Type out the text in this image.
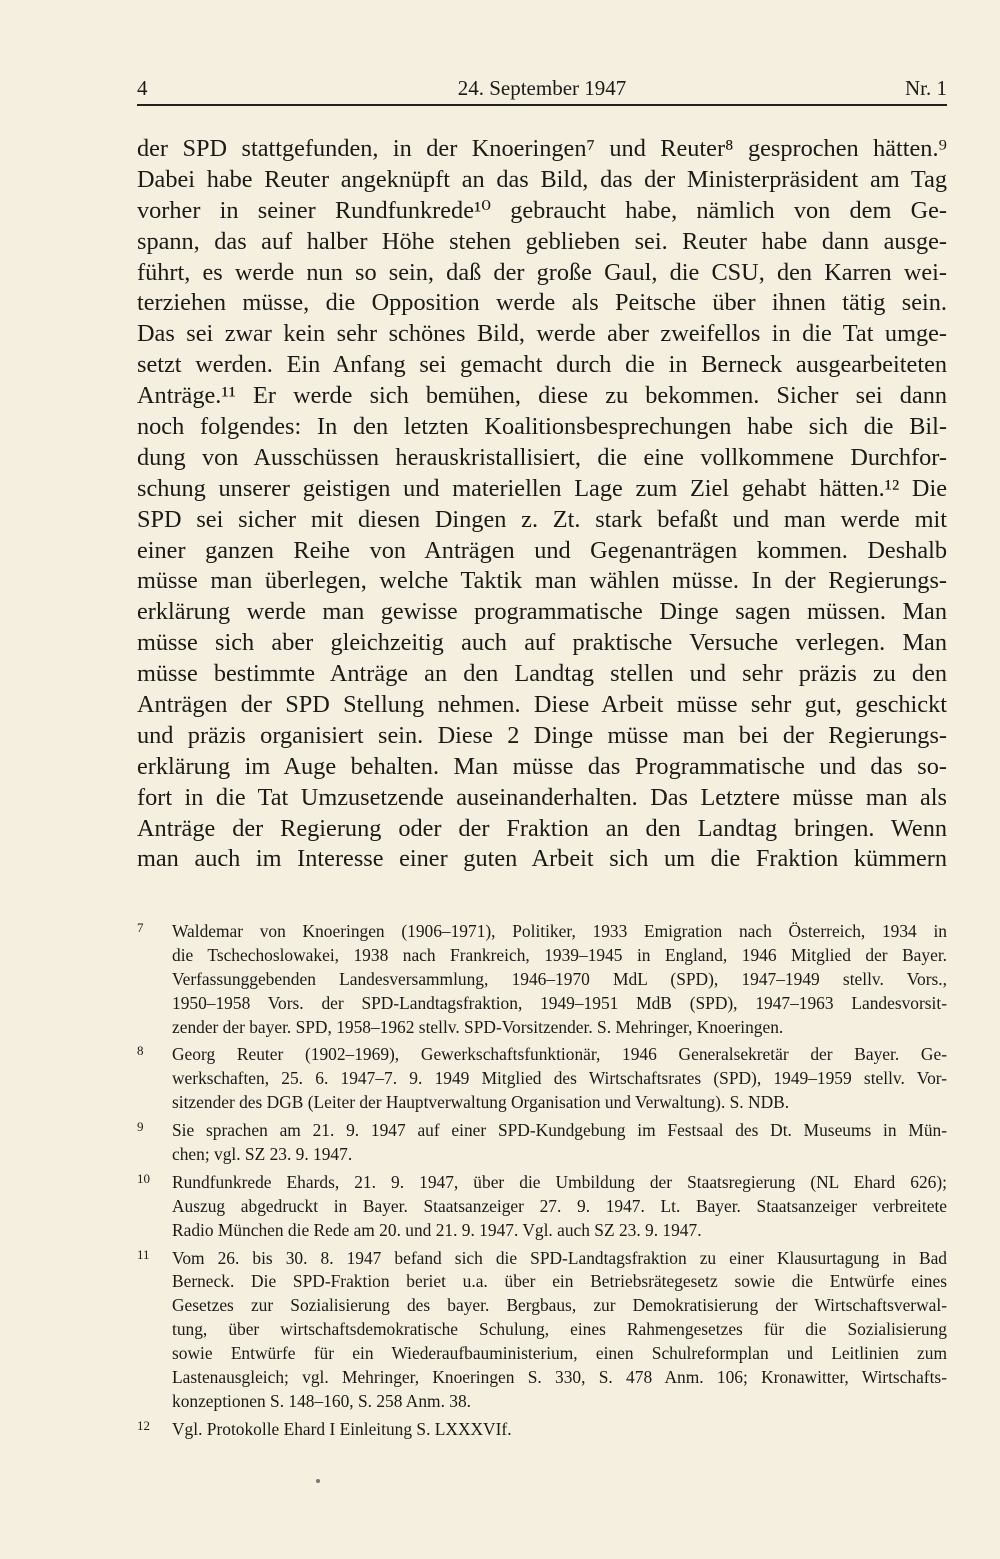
4	24. September 1947	Nr. 1
der SPD stattgefunden, in der Knoeringen⁷ und Reuter⁸ gesprochen hätten.⁹
Dabei habe Reuter angeknüpft an das Bild, das der Ministerpräsident am Tag
vorher in seiner Rundfunkrede¹⁰ gebraucht habe, nämlich von dem Ge-
spann, das auf halber Höhe stehen geblieben sei. Reuter habe dann ausge-
führt, es werde nun so sein, daß der große Gaul, die CSU, den Karren wei-
terziehen müsse, die Opposition werde als Peitsche über ihnen tätig sein.
Das sei zwar kein sehr schönes Bild, werde aber zweifellos in die Tat umge-
setzt werden. Ein Anfang sei gemacht durch die in Berneck ausgearbeiteten
Anträge.¹¹ Er werde sich bemühen, diese zu bekommen. Sicher sei dann
noch folgendes: In den letzten Koalitionsbesprechungen habe sich die Bil-
dung von Ausschüssen herauskristallisiert, die eine vollkommene Durchfor-
schung unserer geistigen und materiellen Lage zum Ziel gehabt hätten.¹² Die
SPD sei sicher mit diesen Dingen z. Zt. stark befaßt und man werde mit
einer ganzen Reihe von Anträgen und Gegenanträgen kommen. Deshalb
müsse man überlegen, welche Taktik man wählen müsse. In der Regierungs-
erklärung werde man gewisse programmatische Dinge sagen müssen. Man
müsse sich aber gleichzeitig auch auf praktische Versuche verlegen. Man
müsse bestimmte Anträge an den Landtag stellen und sehr präzis zu den
Anträgen der SPD Stellung nehmen. Diese Arbeit müsse sehr gut, geschickt
und präzis organisiert sein. Diese 2 Dinge müsse man bei der Regierungs-
erklärung im Auge behalten. Man müsse das Programmatische und das so-
fort in die Tat Umzusetzende auseinanderhalten. Das Letztere müsse man als
Anträge der Regierung oder der Fraktion an den Landtag bringen. Wenn
man auch im Interesse einer guten Arbeit sich um die Fraktion kümmern
7 Waldemar von Knoeringen (1906–1971), Politiker, 1933 Emigration nach Österreich, 1934 in
die Tschechoslowakei, 1938 nach Frankreich, 1939–1945 in England, 1946 Mitglied der Bayer.
Verfassunggebenden Landesversammlung, 1946–1970 MdL (SPD), 1947–1949 stellv. Vors.,
1950–1958 Vors. der SPD-Landtagsfraktion, 1949–1951 MdB (SPD), 1947–1963 Landesvorsit-
zender der bayer. SPD, 1958–1962 stellv. SPD-Vorsitzender. S. Mehringer, Knoeringen.
8 Georg Reuter (1902–1969), Gewerkschaftsfunktionär, 1946 Generalsekretär der Bayer. Ge-
werkschaften, 25. 6. 1947–7. 9. 1949 Mitglied des Wirtschaftsrates (SPD), 1949–1959 stellv. Vor-
sitzender des DGB (Leiter der Hauptverwaltung Organisation und Verwaltung). S. NDB.
9 Sie sprachen am 21. 9. 1947 auf einer SPD-Kundgebung im Festsaal des Dt. Museums in Mün-
chen; vgl. SZ 23. 9. 1947.
10 Rundfunkrede Ehards, 21. 9. 1947, über die Umbildung der Staatsregierung (NL Ehard 626);
Auszug abgedruckt in Bayer. Staatsanzeiger 27. 9. 1947. Lt. Bayer. Staatsanzeiger verbreitete
Radio München die Rede am 20. und 21. 9. 1947. Vgl. auch SZ 23. 9. 1947.
11 Vom 26. bis 30. 8. 1947 befand sich die SPD-Landtagsfraktion zu einer Klausurtagung in Bad
Berneck. Die SPD-Fraktion beriet u.a. über ein Betriebsrätegesetz sowie die Entwürfe eines
Gesetzes zur Sozialisierung des bayer. Bergbaus, zur Demokratisierung der Wirtschaftsverwal-
tung, über wirtschaftsdemokratische Schulung, eines Rahmengesetzes für die Sozialisierung
sowie Entwürfe für ein Wiederaufbauministerium, einen Schulreformplan und Leitlinien zum
Lastenausgleich; vgl. Mehringer, Knoeringen S. 330, S. 478 Anm. 106; Kronawitter, Wirtschafts-
konzeptionen S. 148–160, S. 258 Anm. 38.
12 Vgl. Protokolle Ehard I Einleitung S. LXXXVIf.
